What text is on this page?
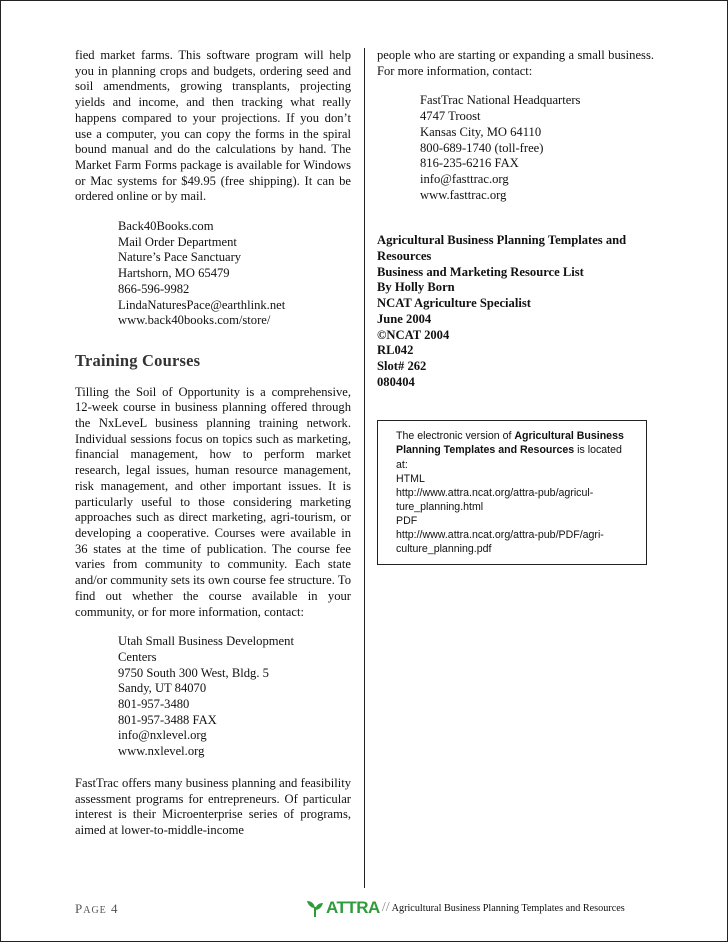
fied market farms. This software program will help you in planning crops and budgets, ordering seed and soil amendments, growing transplants, projecting yields and income, and then tracking what really happens compared to your projections. If you don’t use a computer, you can copy the forms in the spiral bound manual and do the calculations by hand. The Market Farm Forms package is available for Windows or Mac systems for $49.95 (free shipping). It can be ordered online or by mail.

Back40Books.com
Mail Order Department
Nature’s Pace Sanctuary
Hartshorn, MO 65479
866-596-9982
LindaNaturesPace@earthlink.net
www.back40books.com/store/
Training Courses

Tilling the Soil of Opportunity is a comprehensive, 12-week course in business planning offered through the NxLeveL business planning training network. Individual sessions focus on topics such as marketing, financial management, how to perform market research, legal issues, human resource management, risk management, and other important issues. It is particularly useful to those considering marketing approaches such as direct marketing, agri-tourism, or developing a cooperative. Courses were available in 36 states at the time of publication. The course fee varies from community to community. Each state and/or community sets its own course fee structure. To find out whether the course available in your community, or for more information, contact:

Utah Small Business Development
Centers
9750 South 300 West, Bldg. 5
Sandy, UT 84070
801-957-3480
801-957-3488 FAX
info@nxlevel.org
www.nxlevel.org

FastTrac offers many business planning and feasibility assessment programs for entrepreneurs. Of particular interest is their Microenterprise series of programs, aimed at lower-to-middle-income

people who are starting or expanding a small business. For more information, contact:

FastTrac National Headquarters
4747 Troost
Kansas City, MO 64110
800-689-1740 (toll-free)
816-235-6216 FAX
info@fasttrac.org
www.fasttrac.org
Agricultural Business Planning Templates and Resources
Business and Marketing Resource List
By Holly Born
NCAT Agriculture Specialist
June 2004
©NCAT 2004
RL042
Slot# 262
080404
The electronic version of Agricultural Business Planning Templates and Resources is located at:
HTML
http://www.attra.ncat.org/attra-pub/agricul-ture_planning.html
PDF
http://www.attra.ncat.org/attra-pub/PDF/agri-culture_planning.pdf
PAGE 4	ATTRA // Agricultural Business Planning Templates and Resources
